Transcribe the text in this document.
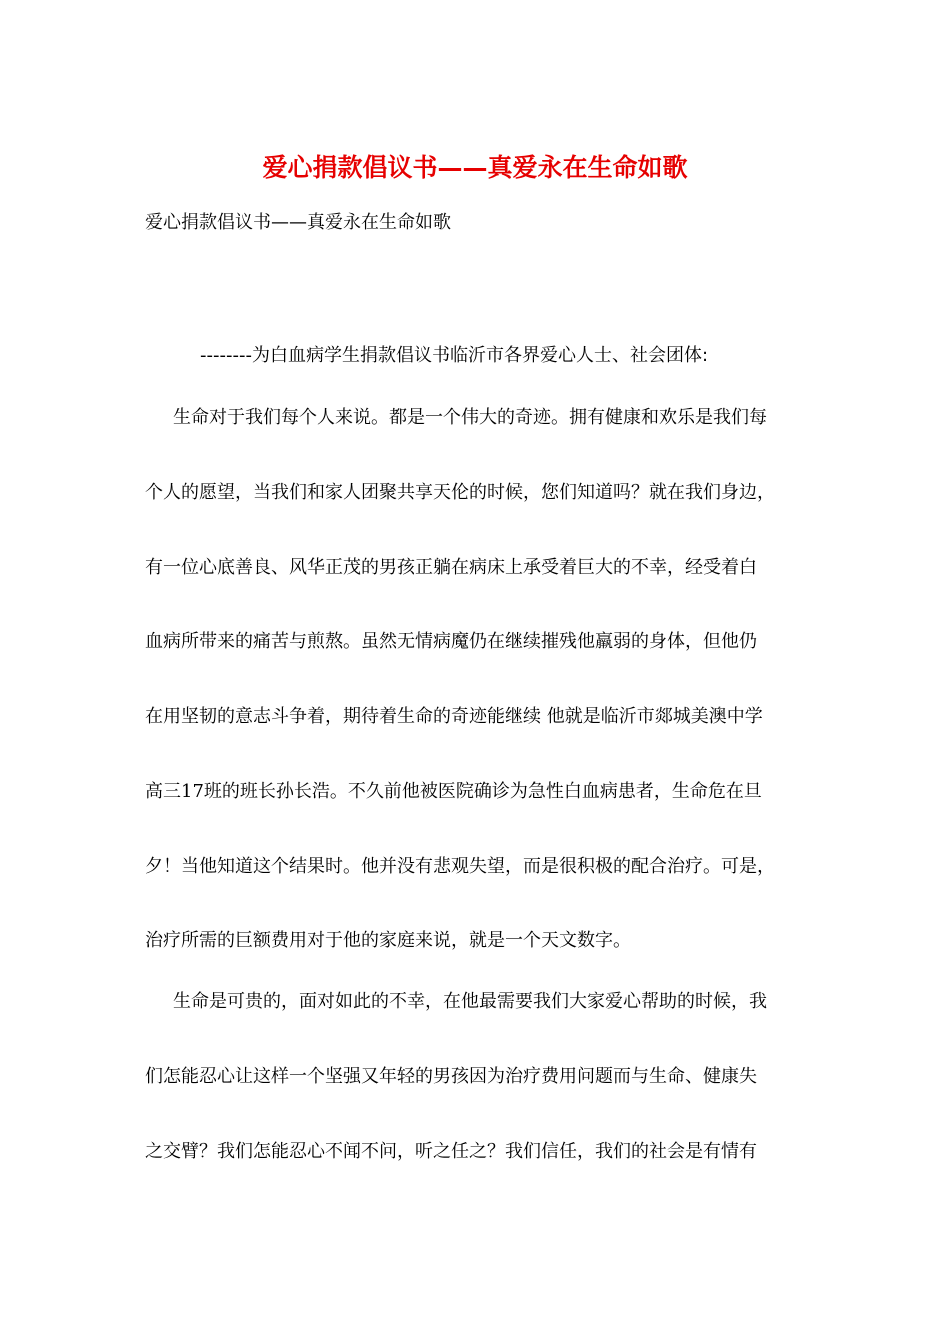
爱心捐款倡议书——真爱永在生命如歌
爱心捐款倡议书——真爱永在生命如歌
--------为白血病学生捐款倡议书临沂市各界爱心人士、社会团体:
生命对于我们每个人来说。都是一个伟大的奇迹。拥有健康和欢乐是我们每
个人的愿望，当我们和家人团聚共享天伦的时候，您们知道吗？就在我们身边，
有一位心底善良、风华正茂的男孩正躺在病床上承受着巨大的不幸，经受着白
血病所带来的痛苦与煎熬。虽然无情病魔仍在继续摧残他羸弱的身体，但他仍
在用坚韧的意志斗争着，期待着生命的奇迹能继续 他就是临沂市郯城美澳中学
高三17班的班长孙长浩。不久前他被医院确诊为急性白血病患者，生命危在旦
夕！当他知道这个结果时。他并没有悲观失望，而是很积极的配合治疗。可是，
治疗所需的巨额费用对于他的家庭来说，就是一个天文数字。
生命是可贵的，面对如此的不幸，在他最需要我们大家爱心帮助的时候，我
们怎能忍心让这样一个坚强又年轻的男孩因为治疗费用问题而与生命、健康失
之交臂？我们怎能忍心不闻不问，听之任之？我们信任，我们的社会是有情有
